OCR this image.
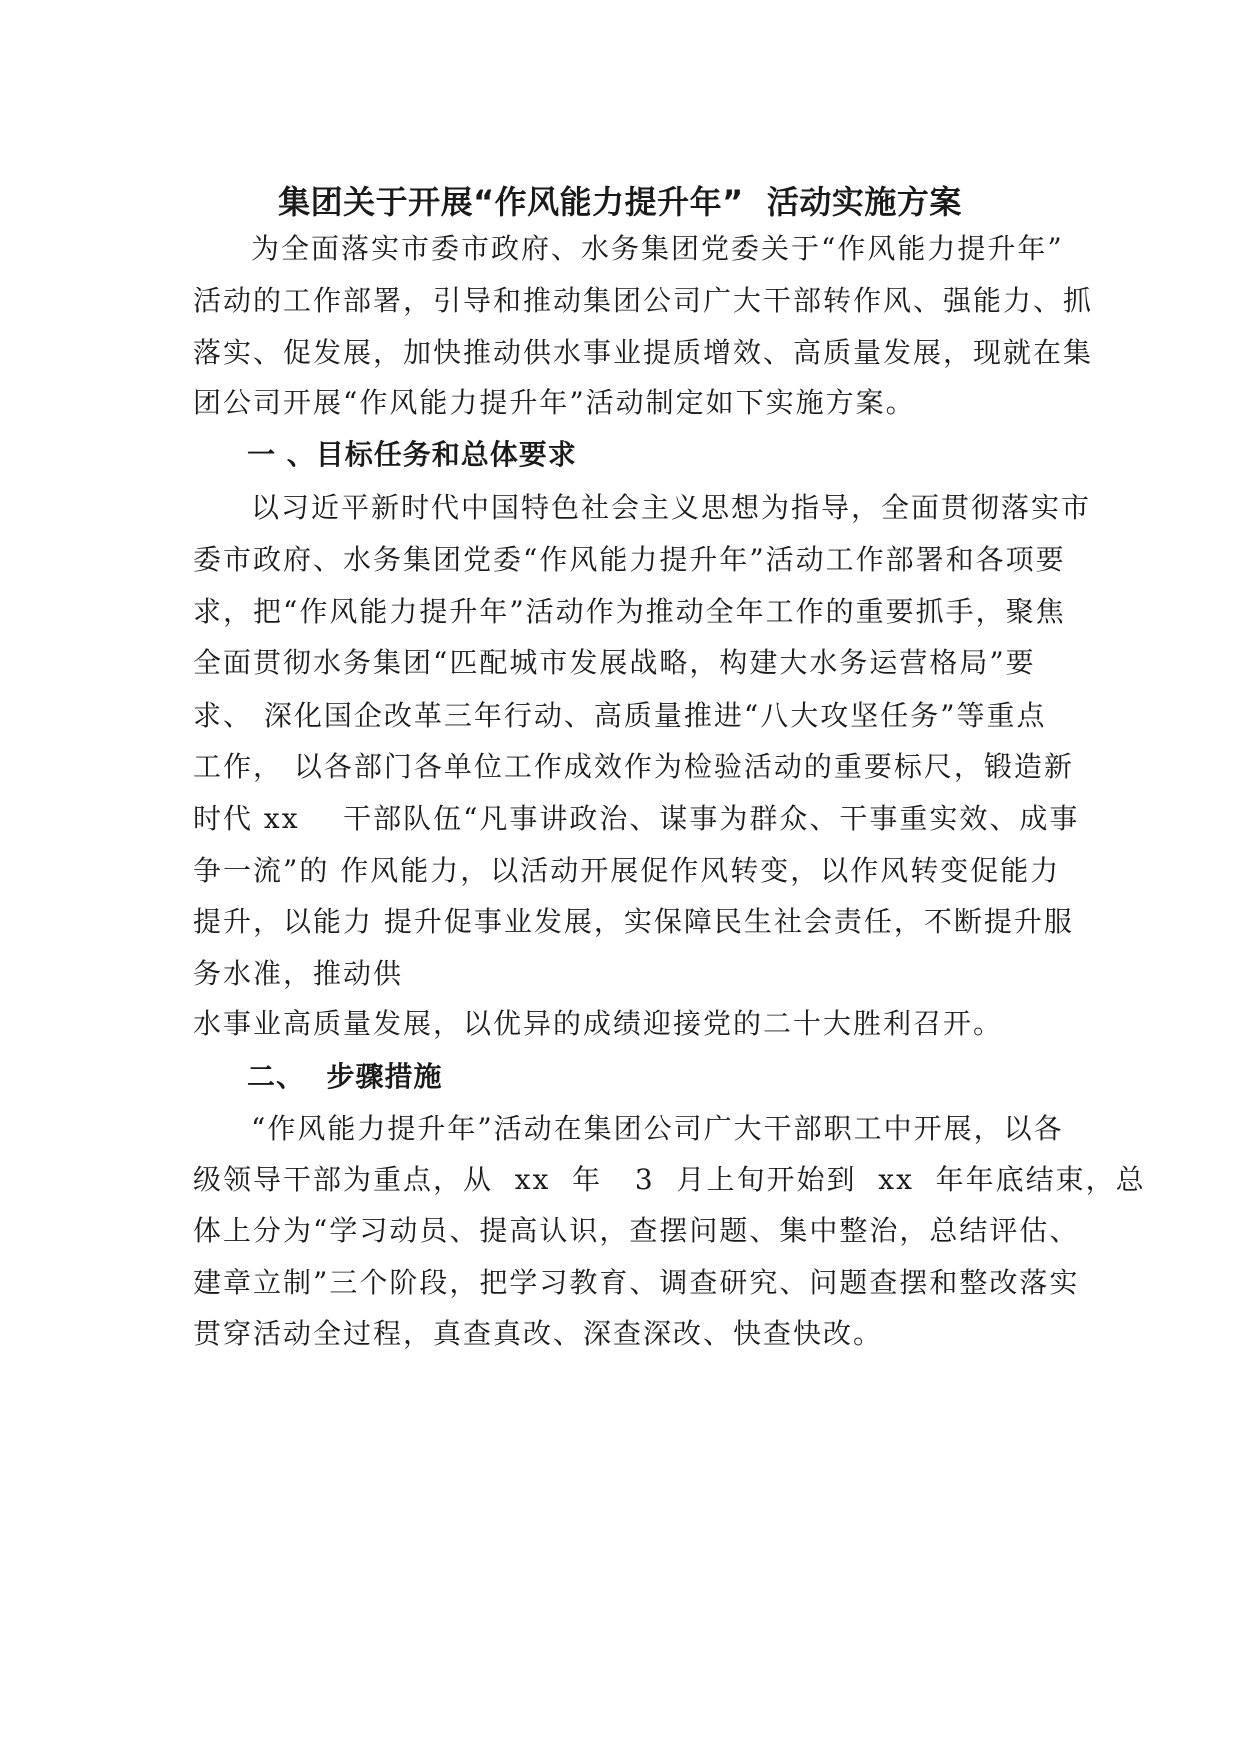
集团关于开展“作风能力提升年”  活动实施方案
为全面落实市委市政府、水务集团党委关于“作风能力提升年”
活动的工作部署，引导和推动集团公司广大干部转作风、强能力、抓
落实、促发展，加快推动供水事业提质增效、高质量发展，现就在集
团公司开展“作风能力提升年”活动制定如下实施方案。
一 、目标任务和总体要求
以习近平新时代中国特色社会主义思想为指导，全面贯彻落实市
委市政府、水务集团党委“作风能力提升年”活动工作部署和各项要
求，把“作风能力提升年”活动作为推动全年工作的重要抓手，聚焦
全面贯彻水务集团“匹配城市发展战略，构建大水务运营格局”要
求、 深化国企改革三年行动、高质量推进“八大攻坚任务”等重点
工作， 以各部门各单位工作成效作为检验活动的重要标尺，锻造新
时代 xx    干部队伍“凡事讲政治、谋事为群众、干事重实效、成事
争一流”的 作风能力，以活动开展促作风转变，以作风转变促能力
提升，以能力 提升促事业发展，实保障民生社会责任，不断提升服
务水准，推动供
水事业高质量发展，以优异的成绩迎接党的二十大胜利召开。
二、  步骤措施
“作风能力提升年”活动在集团公司广大干部职工中开展，以各
级领导干部为重点，从  xx  年   3  月上旬开始到  xx  年年底结束，总
体上分为“学习动员、提高认识，查摆问题、集中整治，总结评估、
建章立制”三个阶段，把学习教育、调查研究、问题查摆和整改落实
贯穿活动全过程，真查真改、深查深改、快查快改。
